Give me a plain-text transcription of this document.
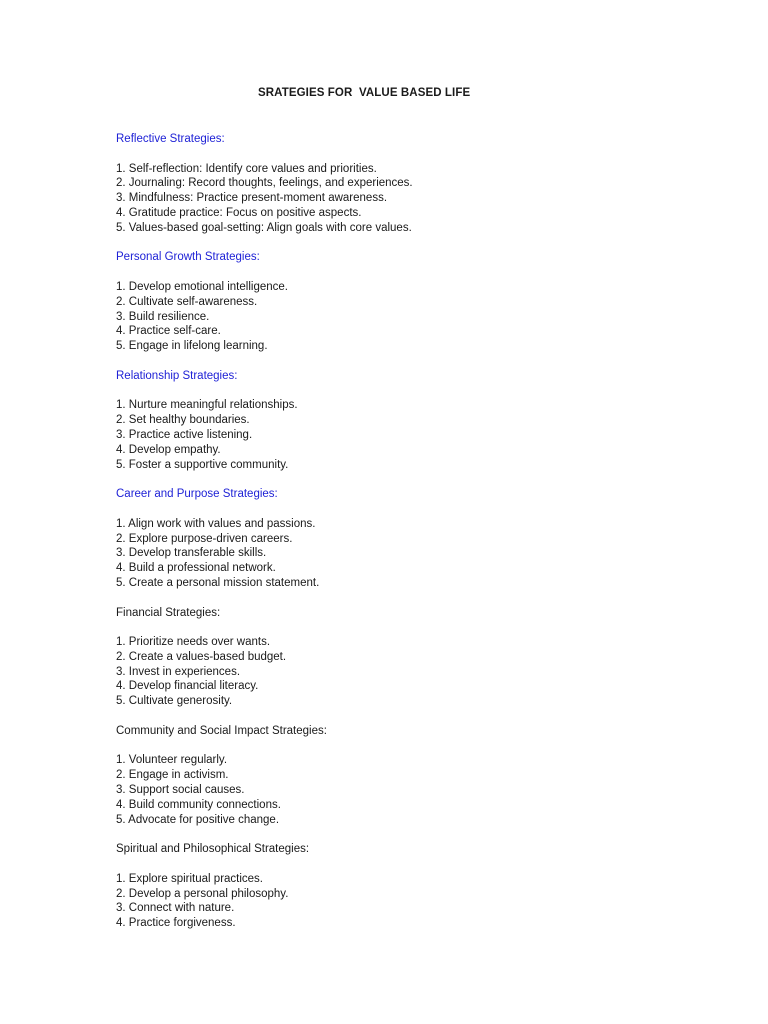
SRATEGIES FOR  VALUE BASED LIFE
Reflective Strategies:
1. Self-reflection: Identify core values and priorities.
2. Journaling: Record thoughts, feelings, and experiences.
3. Mindfulness: Practice present-moment awareness.
4. Gratitude practice: Focus on positive aspects.
5. Values-based goal-setting: Align goals with core values.
Personal Growth Strategies:
1. Develop emotional intelligence.
2. Cultivate self-awareness.
3. Build resilience.
4. Practice self-care.
5. Engage in lifelong learning.
Relationship Strategies:
1. Nurture meaningful relationships.
2. Set healthy boundaries.
3. Practice active listening.
4. Develop empathy.
5. Foster a supportive community.
Career and Purpose Strategies:
1. Align work with values and passions.
2. Explore purpose-driven careers.
3. Develop transferable skills.
4. Build a professional network.
5. Create a personal mission statement.
Financial Strategies:
1. Prioritize needs over wants.
2. Create a values-based budget.
3. Invest in experiences.
4. Develop financial literacy.
5. Cultivate generosity.
Community and Social Impact Strategies:
1. Volunteer regularly.
2. Engage in activism.
3. Support social causes.
4. Build community connections.
5. Advocate for positive change.
Spiritual and Philosophical Strategies:
1. Explore spiritual practices.
2. Develop a personal philosophy.
3. Connect with nature.
4. Practice forgiveness.
